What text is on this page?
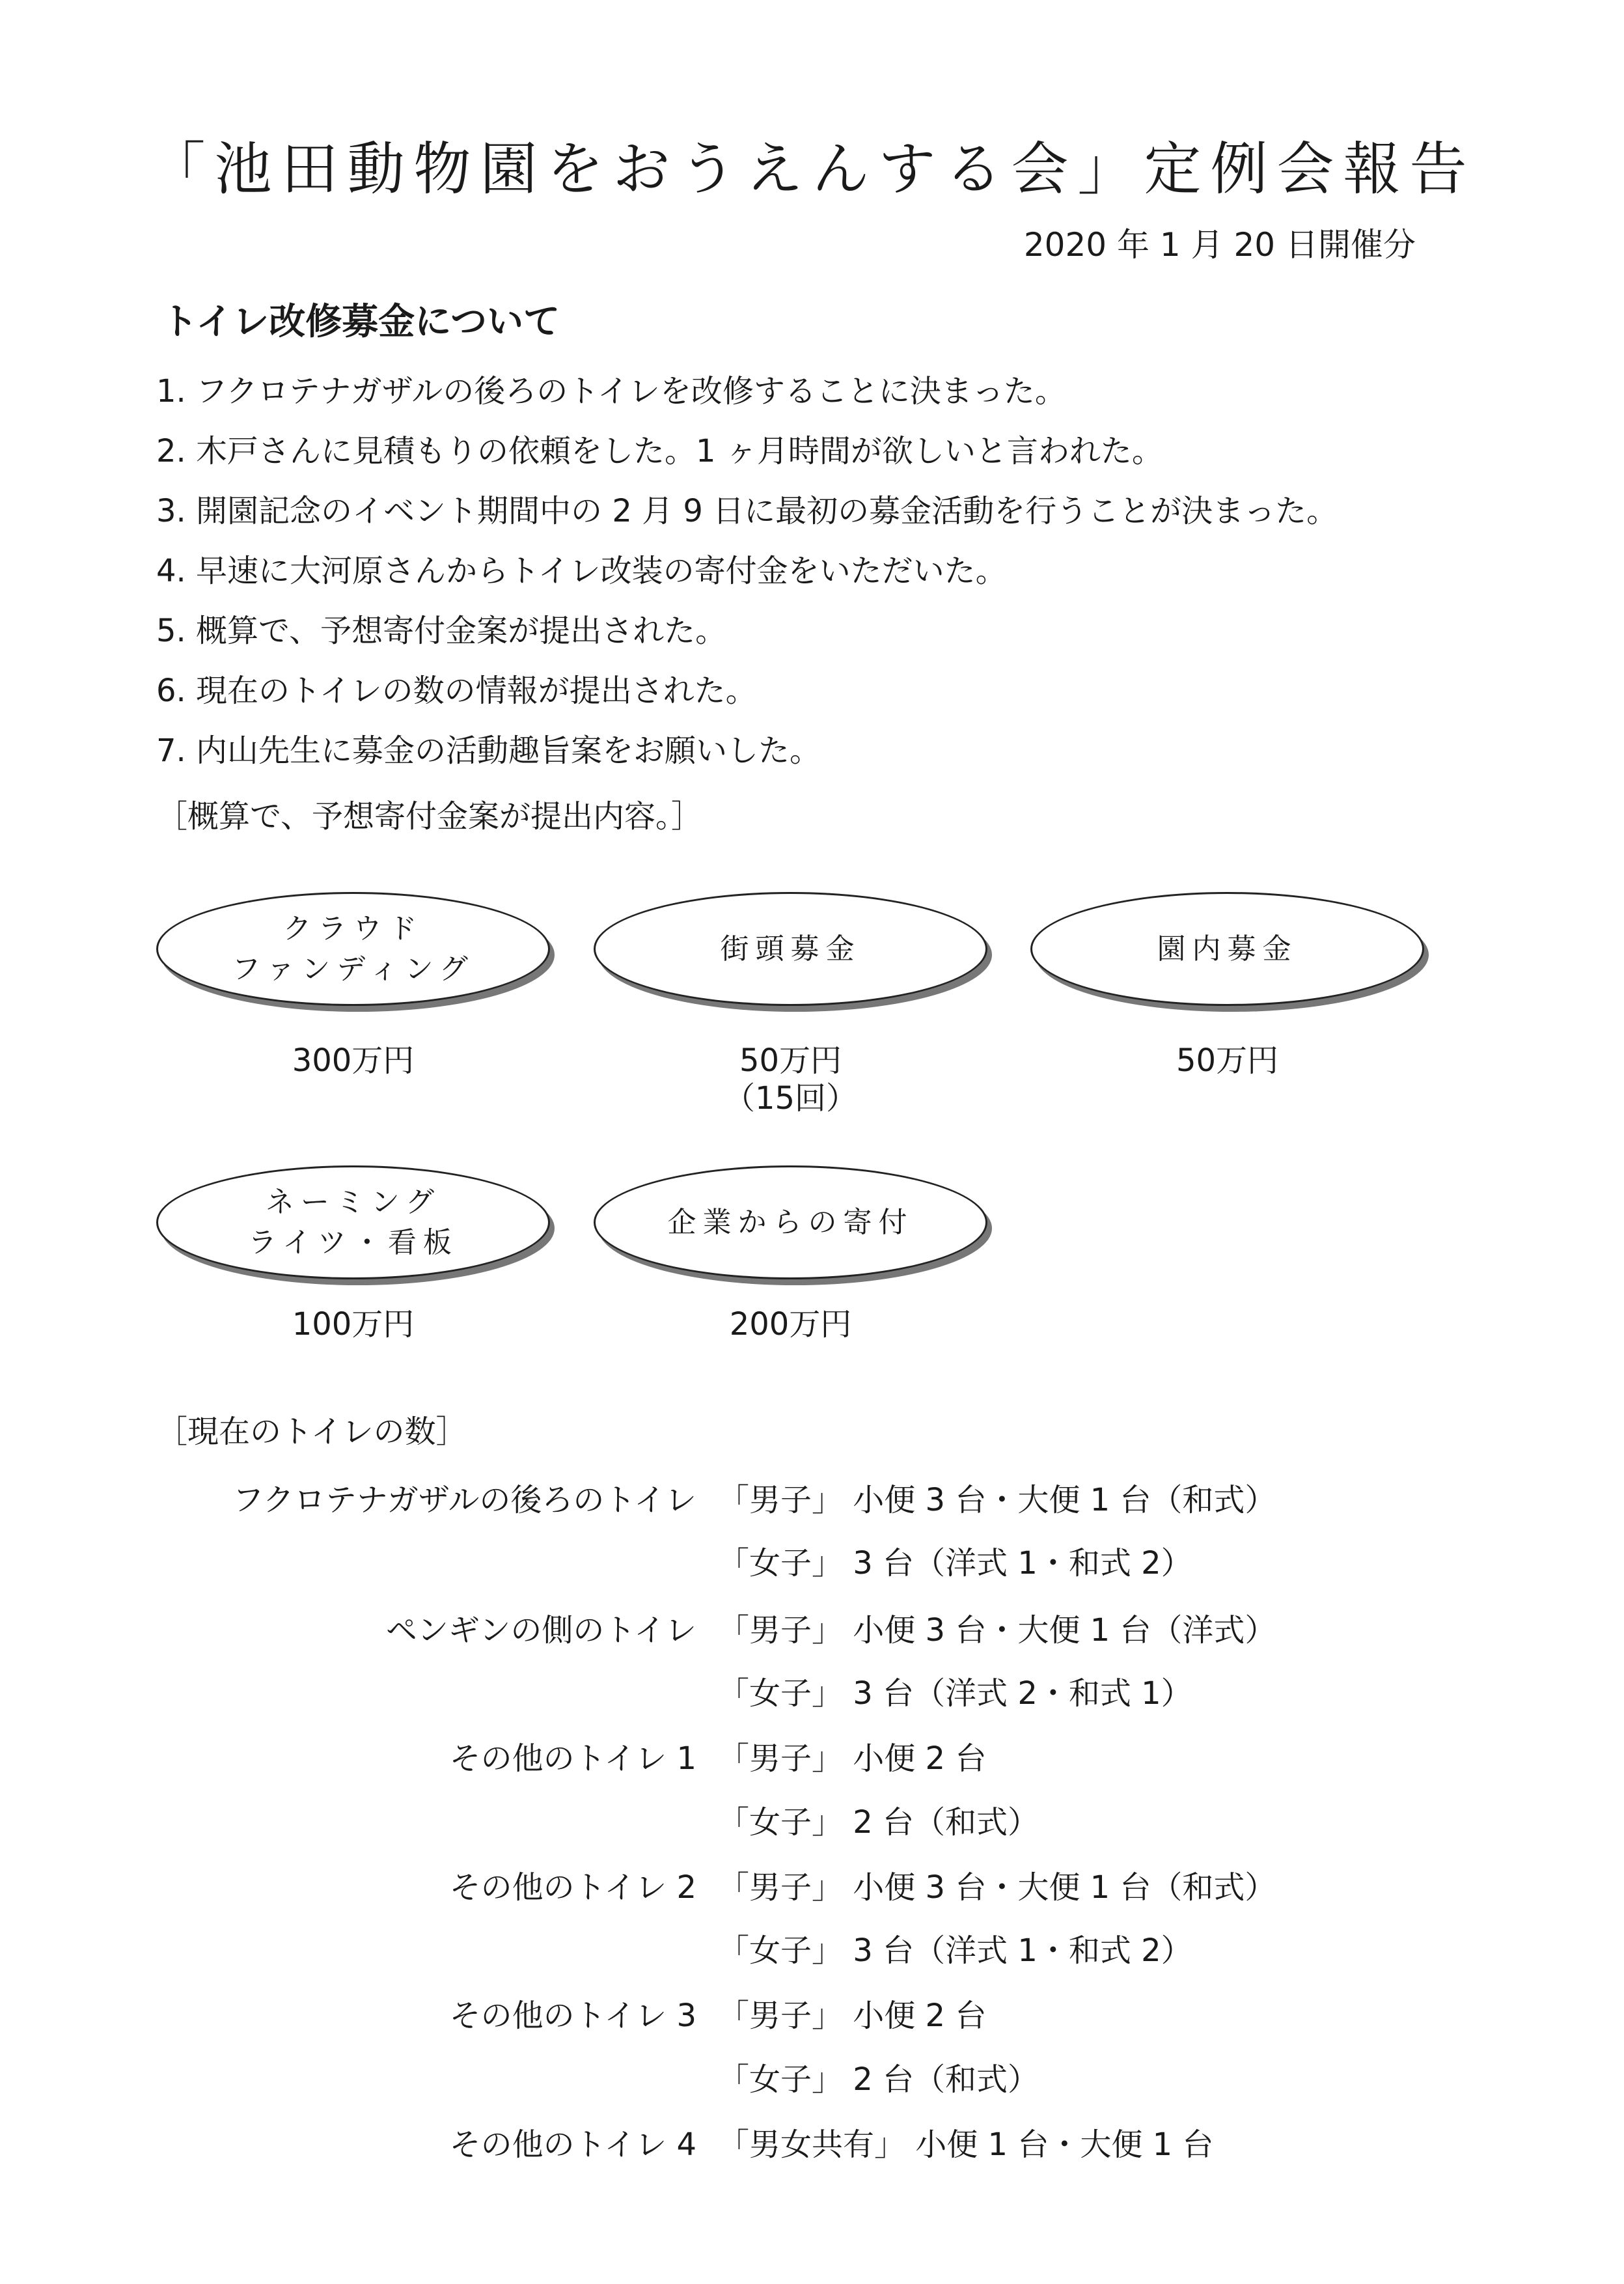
「池田動物園をおうえんする会」定例会報告
2020 年 1 月 20 日開催分
トイレ改修募金について
1. フクロテナガザルの後ろのトイレを改修することに決まった。
2. 木戸さんに見積もりの依頼をした。1 ヶ月時間が欲しいと言われた。
3. 開園記念のイベント期間中の 2 月 9 日に最初の募金活動を行うことが決まった。
4. 早速に大河原さんからトイレ改装の寄付金をいただいた。
5. 概算で、予想寄付金案が提出された。
6. 現在のトイレの数の情報が提出された。
7. 内山先生に募金の活動趣旨案をお願いした。
［概算で、予想寄付金案が提出内容。］
クラウド
ファンディング
街頭募金	園内募金
300万円	50万円
（15回）
50万円
ネーミング
ライツ・看板
企業からの寄付
100万円	200万円
［現在のトイレの数］
フクロテナガザルの後ろのトイレ 「男子」 小便 3 台・大便 1 台（和式）
「女子」 3 台（洋式 1・和式 2）
ペンギンの側のトイレ 「男子」 小便 3 台・大便 1 台（洋式）
「女子」 3 台（洋式 2・和式 1）
その他のトイレ 1 「男子」 小便 2 台
「女子」 2 台（和式）
その他のトイレ 2 「男子」 小便 3 台・大便 1 台（和式）
「女子」 3 台（洋式 1・和式 2）
その他のトイレ 3 「男子」 小便 2 台
「女子」 2 台（和式）
その他のトイレ 4 「男女共有」 小便 1 台・大便 1 台
